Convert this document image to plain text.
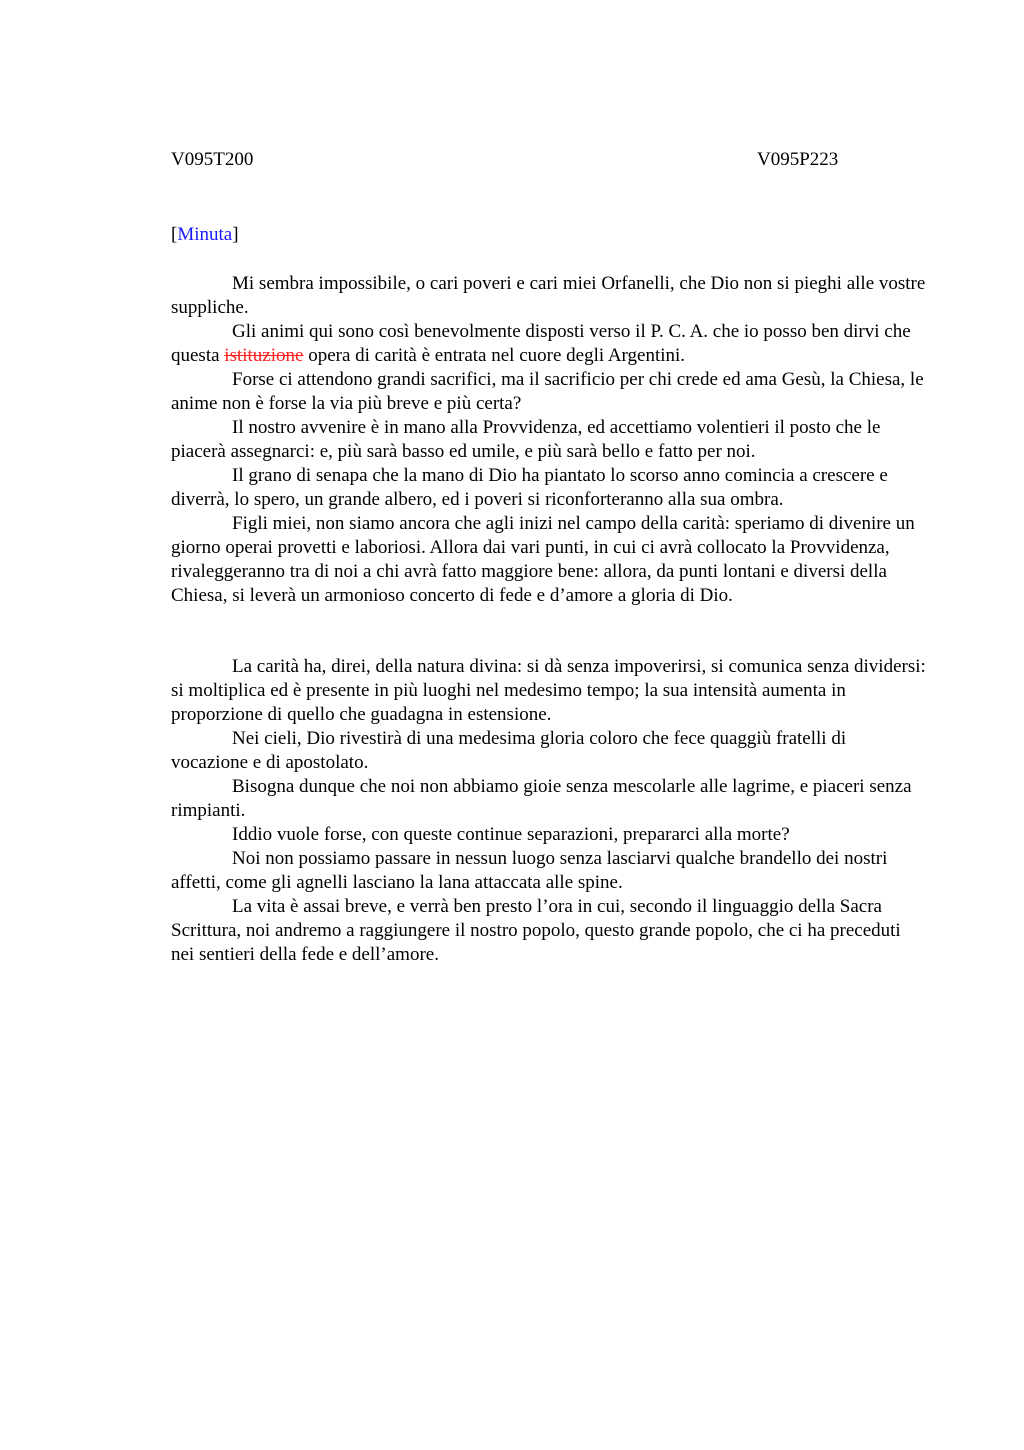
V095T200	V095P223
[Minuta]

Mi sembra impossibile, o cari poveri e cari miei Orfanelli, che Dio non si pieghi alle vostre suppliche.

Gli animi qui sono così benevolmente disposti verso il P. C. A. che io posso ben dirvi che questa istituzione opera di carità è entrata nel cuore degli Argentini.

Forse ci attendono grandi sacrifici, ma il sacrificio per chi crede ed ama Gesù, la Chiesa, le anime non è forse la via più breve e più certa?

Il nostro avvenire è in mano alla Provvidenza, ed accettiamo volentieri il posto che le piacerà assegnarci: e, più sarà basso ed umile, e più sarà bello e fatto per noi.

Il grano di senapa che la mano di Dio ha piantato lo scorso anno comincia a crescere e diverrà, lo spero, un grande albero, ed i poveri si riconforteranno alla sua ombra.

Figli miei, non siamo ancora che agli inizi nel campo della carità: speriamo di divenire un giorno operai provetti e laboriosi. Allora dai vari punti, in cui ci avrà collocato la Provvidenza, rivaleggeranno tra di noi a chi avrà fatto maggiore bene: allora, da punti lontani e diversi della Chiesa, si leverà un armonioso concerto di fede e d’amore a gloria di Dio.

La carità ha, direi, della natura divina: si dà senza impoverirsi, si comunica senza dividersi: si moltiplica ed è presente in più luoghi nel medesimo tempo; la sua intensità aumenta in proporzione di quello che guadagna in estensione.

Nei cieli, Dio rivestirà di una medesima gloria coloro che fece quaggiù fratelli di vocazione e di apostolato.

Bisogna dunque che noi non abbiamo gioie senza mescolarle alle lagrime, e piaceri senza rimpianti.

Iddio vuole forse, con queste continue separazioni, prepararci alla morte?

Noi non possiamo passare in nessun luogo senza lasciarvi qualche brandello dei nostri affetti, come gli agnelli lasciano la lana attaccata alle spine.

La vita è assai breve, e verrà ben presto l’ora in cui, secondo il linguaggio della Sacra Scrittura, noi andremo a raggiungere il nostro popolo, questo grande popolo, che ci ha preceduti nei sentieri della fede e dell’amore.
